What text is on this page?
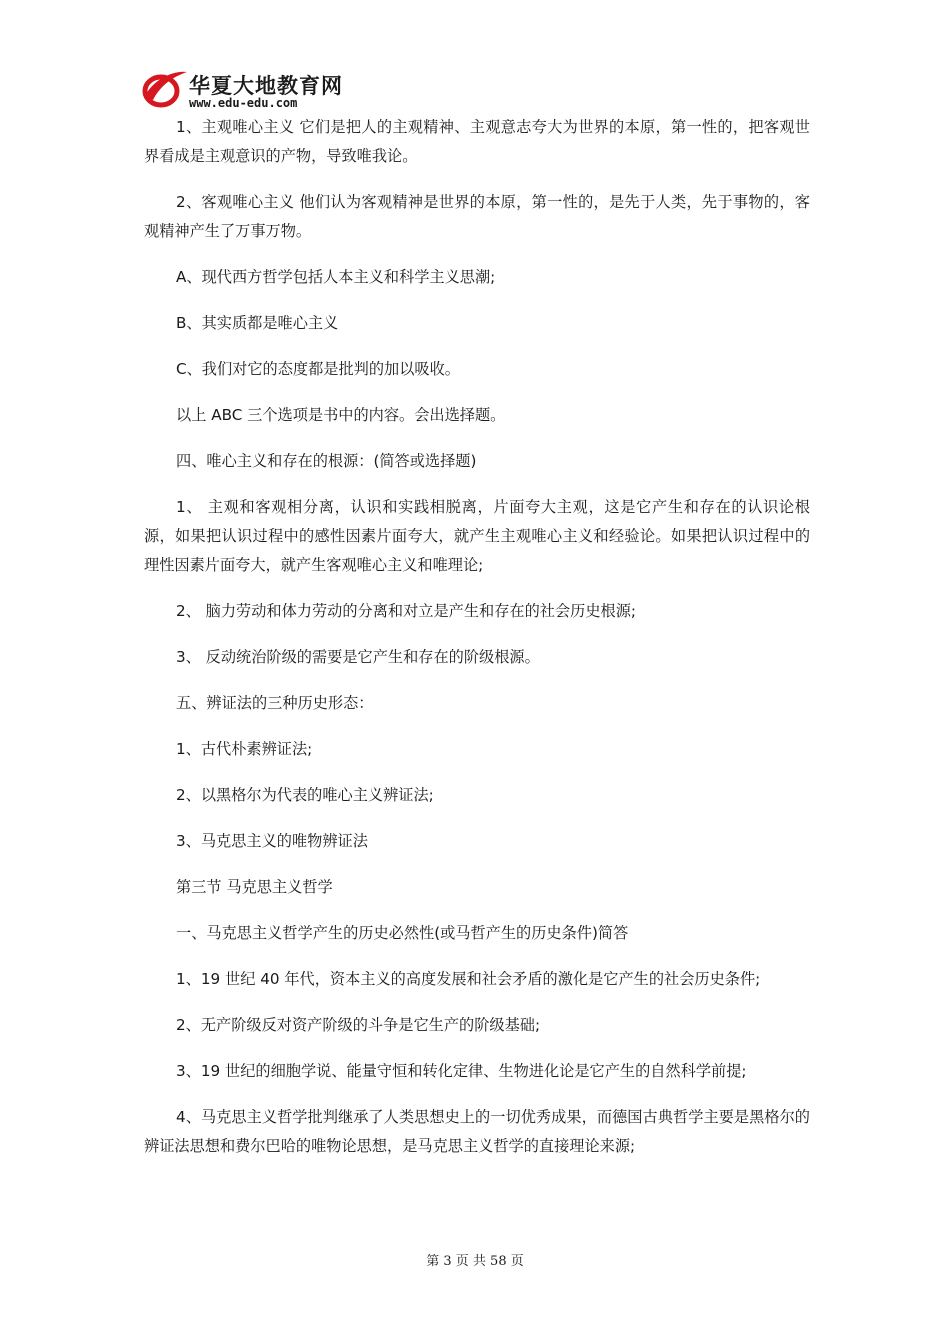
华夏大地教育网
www.edu-edu.com

1、主观唯心主义 它们是把人的主观精神、主观意志夸大为世界的本原，第一性的，把客观世界看成是主观意识的产物，导致唯我论。

2、客观唯心主义 他们认为客观精神是世界的本原，第一性的，是先于人类，先于事物的，客观精神产生了万事万物。

A、现代西方哲学包括人本主义和科学主义思潮;

B、其实质都是唯心主义

C、我们对它的态度都是批判的加以吸收。

以上 ABC 三个选项是书中的内容。会出选择题。

四、唯心主义和存在的根源：(简答或选择题)

1、 主观和客观相分离，认识和实践相脱离，片面夸大主观，这是它产生和存在的认识论根源，如果把认识过程中的感性因素片面夸大，就产生主观唯心主义和经验论。如果把认识过程中的理性因素片面夸大，就产生客观唯心主义和唯理论;

2、 脑力劳动和体力劳动的分离和对立是产生和存在的社会历史根源;

3、 反动统治阶级的需要是它产生和存在的阶级根源。

五、辨证法的三种历史形态：

1、古代朴素辨证法;

2、以黑格尔为代表的唯心主义辨证法;

3、马克思主义的唯物辨证法

第三节 马克思主义哲学

一、马克思主义哲学产生的历史必然性(或马哲产生的历史条件)简答

1、19 世纪 40 年代，资本主义的高度发展和社会矛盾的激化是它产生的社会历史条件;

2、无产阶级反对资产阶级的斗争是它生产的阶级基础;

3、19 世纪的细胞学说、能量守恒和转化定律、生物进化论是它产生的自然科学前提;

4、马克思主义哲学批判继承了人类思想史上的一切优秀成果，而德国古典哲学主要是黑格尔的辨证法思想和费尔巴哈的唯物论思想，是马克思主义哲学的直接理论来源;

第 3 页 共 58 页
